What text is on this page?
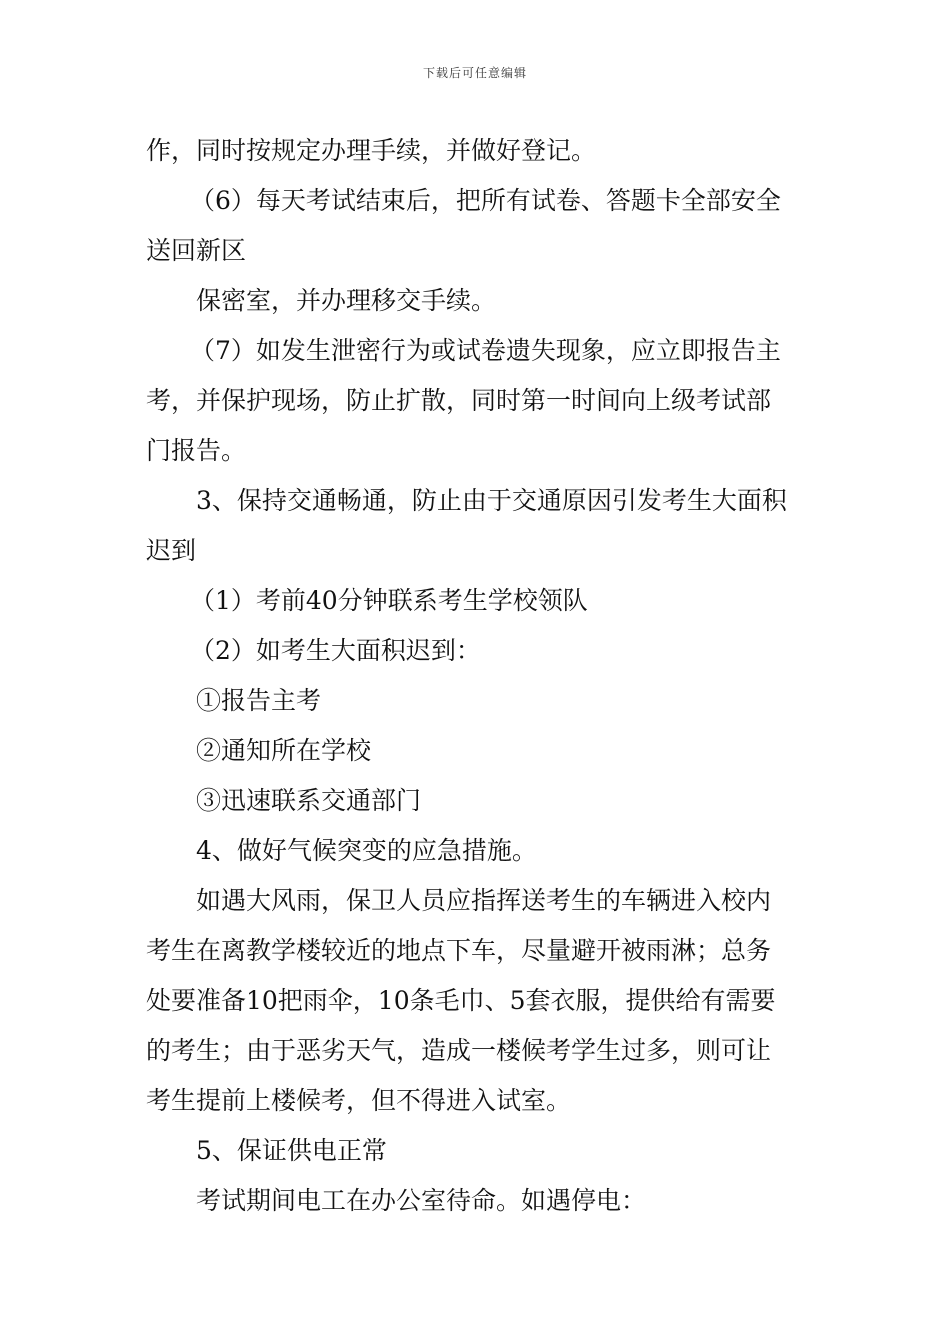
下载后可任意编辑
作，同时按规定办理手续，并做好登记。
（6）每天考试结束后，把所有试卷、答题卡全部安全
送回新区
保密室，并办理移交手续。
（7）如发生泄密行为或试卷遗失现象，应立即报告主
考，并保护现场，防止扩散，同时第一时间向上级考试部
门报告。
3、保持交通畅通，防止由于交通原因引发考生大面积
迟到
（1）考前40分钟联系考生学校领队
（2）如考生大面积迟到：
①报告主考
②通知所在学校
③迅速联系交通部门
4、做好气候突变的应急措施。
如遇大风雨，保卫人员应指挥送考生的车辆进入校内
考生在离教学楼较近的地点下车，尽量避开被雨淋；总务
处要准备10把雨伞，10条毛巾、5套衣服，提供给有需要
的考生；由于恶劣天气，造成一楼候考学生过多，则可让
考生提前上楼候考，但不得进入试室。
5、保证供电正常
考试期间电工在办公室待命。如遇停电：
